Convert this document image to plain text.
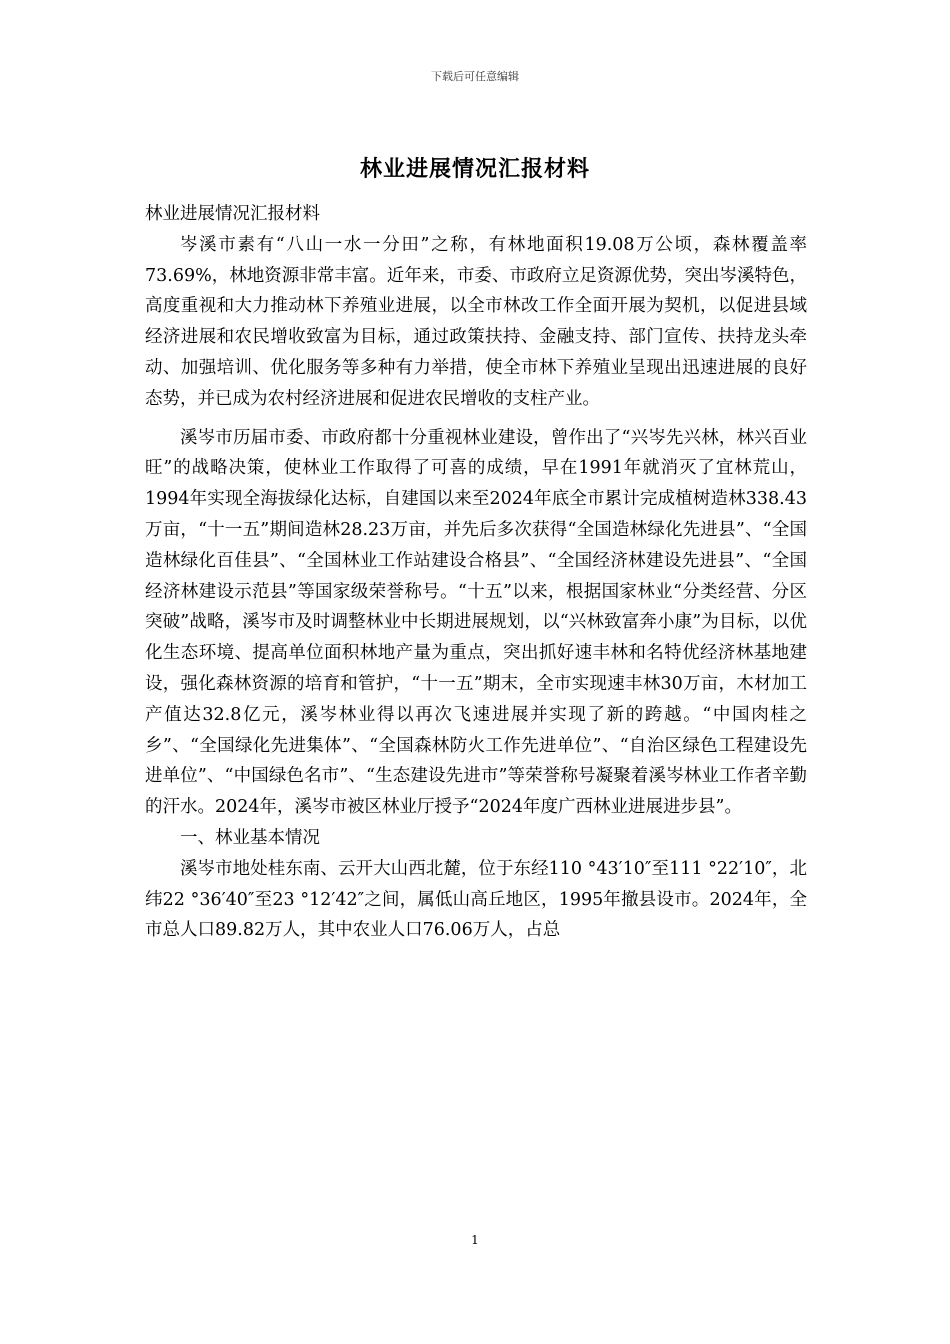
下载后可任意编辑
林业进展情况汇报材料

林业进展情况汇报材料

岑溪市素有“八山一水一分田”之称，有林地面积19.08万公顷，森林覆盖率73.69%，林地资源非常丰富。近年来，市委、市政府立足资源优势，突出岑溪特色，高度重视和大力推动林下养殖业进展，以全市林改工作全面开展为契机，以促进县域经济进展和农民增收致富为目标，通过政策扶持、金融支持、部门宣传、扶持龙头牵动、加强培训、优化服务等多种有力举措，使全市林下养殖业呈现出迅速进展的良好态势，并已成为农村经济进展和促进农民增收的支柱产业。

溪岑市历届市委、市政府都十分重视林业建设，曾作出了“兴岑先兴林，林兴百业旺”的战略决策，使林业工作取得了可喜的成绩，早在1991年就消灭了宜林荒山，1994年实现全海拔绿化达标，自建国以来至2024年底全市累计完成植树造林338.43万亩，“十一五”期间造林28.23万亩，并先后多次获得“全国造林绿化先进县”、“全国造林绿化百佳县”、“全国林业工作站建设合格县”、“全国经济林建设先进县”、“全国经济林建设示范县”等国家级荣誉称号。“十五”以来，根据国家林业“分类经营、分区突破”战略，溪岑市及时调整林业中长期进展规划，以“兴林致富奔小康”为目标，以优化生态环境、提高单位面积林地产量为重点，突出抓好速丰林和名特优经济林基地建设，强化森林资源的培育和管护，“十一五”期末，全市实现速丰林30万亩，木材加工产值达32.8亿元，溪岑林业得以再次飞速进展并实现了新的跨越。“中国肉桂之乡”、“全国绿化先进集体”、“全国森林防火工作先进单位”、“自治区绿色工程建设先进单位”、“中国绿色名市”、“生态建设先进市”等荣誉称号凝聚着溪岑林业工作者辛勤的汗水。2024年，溪岑市被区林业厅授予“2024年度广西林业进展进步县”。

一、林业基本情况

溪岑市地处桂东南、云开大山西北麓，位于东经110 °43′10″至111 °22′10″，北纬22 °36′40″至23 °12′42″之间，属低山高丘地区，1995年撤县设市。2024年，全市总人口89.82万人，其中农业人口76.06万人，占总

1
